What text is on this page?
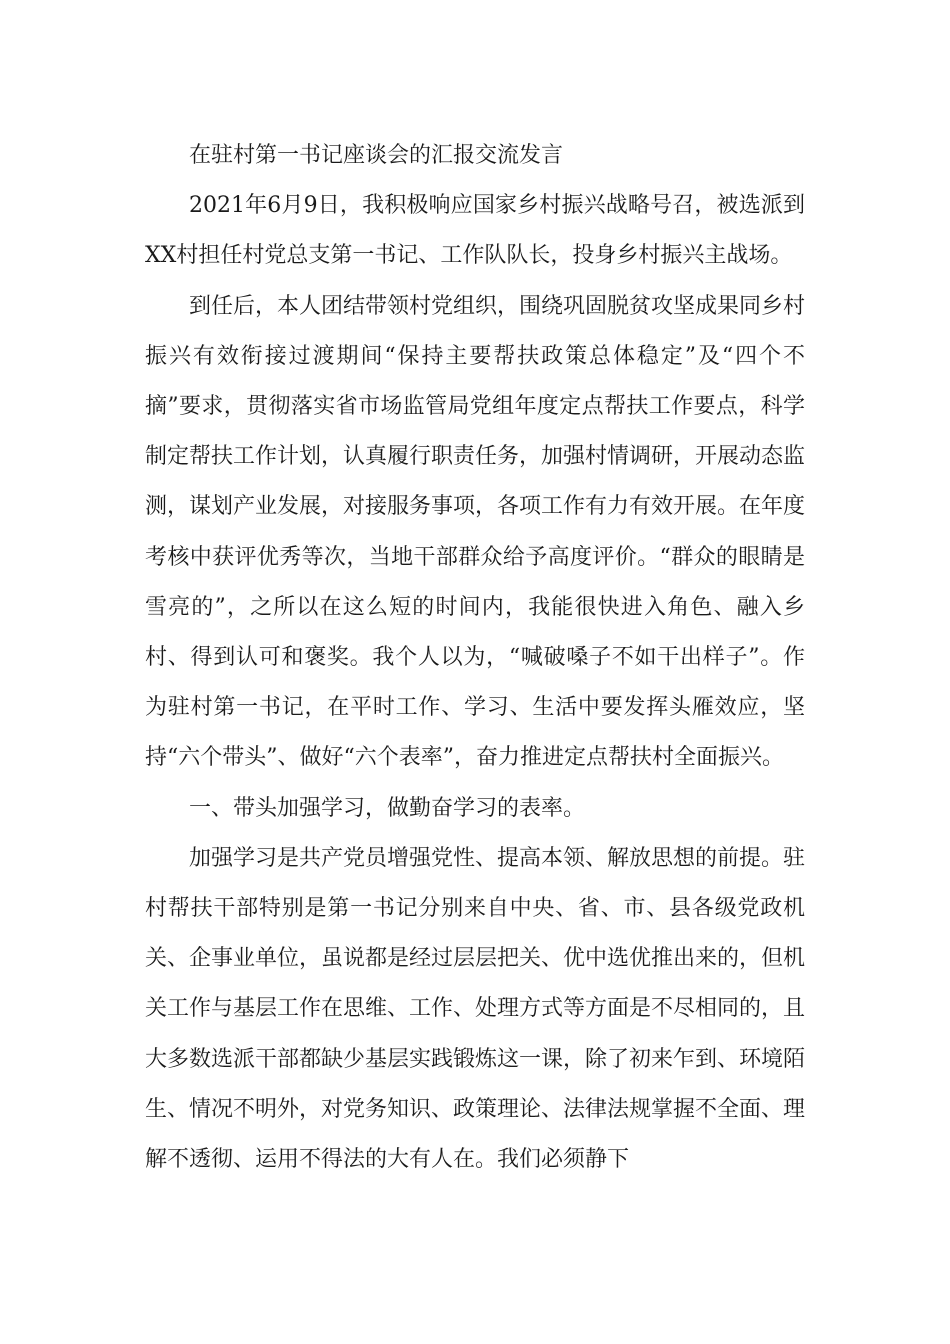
在驻村第一书记座谈会的汇报交流发言

2021年6月9日，我积极响应国家乡村振兴战略号召，被选派到XX村担任村党总支第一书记、工作队队长，投身乡村振兴主战场。

到任后，本人团结带领村党组织，围绕巩固脱贫攻坚成果同乡村振兴有效衔接过渡期间“保持主要帮扶政策总体稳定”及“四个不摘”要求，贯彻落实省市场监管局党组年度定点帮扶工作要点，科学制定帮扶工作计划，认真履行职责任务，加强村情调研，开展动态监测，谋划产业发展，对接服务事项，各项工作有力有效开展。在年度考核中获评优秀等次，当地干部群众给予高度评价。“群众的眼睛是雪亮的”，之所以在这么短的时间内，我能很快进入角色、融入乡村、得到认可和褒奖。我个人以为，“喊破嗓子不如干出样子”。作为驻村第一书记，在平时工作、学习、生活中要发挥头雁效应，坚持“六个带头”、做好“六个表率”，奋力推进定点帮扶村全面振兴。

一、带头加强学习，做勤奋学习的表率。

加强学习是共产党员增强党性、提高本领、解放思想的前提。驻村帮扶干部特别是第一书记分别来自中央、省、市、县各级党政机关、企事业单位，虽说都是经过层层把关、优中选优推出来的，但机关工作与基层工作在思维、工作、处理方式等方面是不尽相同的，且大多数选派干部都缺少基层实践锻炼这一课，除了初来乍到、环境陌生、情况不明外，对党务知识、政策理论、法律法规掌握不全面、理解不透彻、运用不得法的大有人在。我们必须静下
